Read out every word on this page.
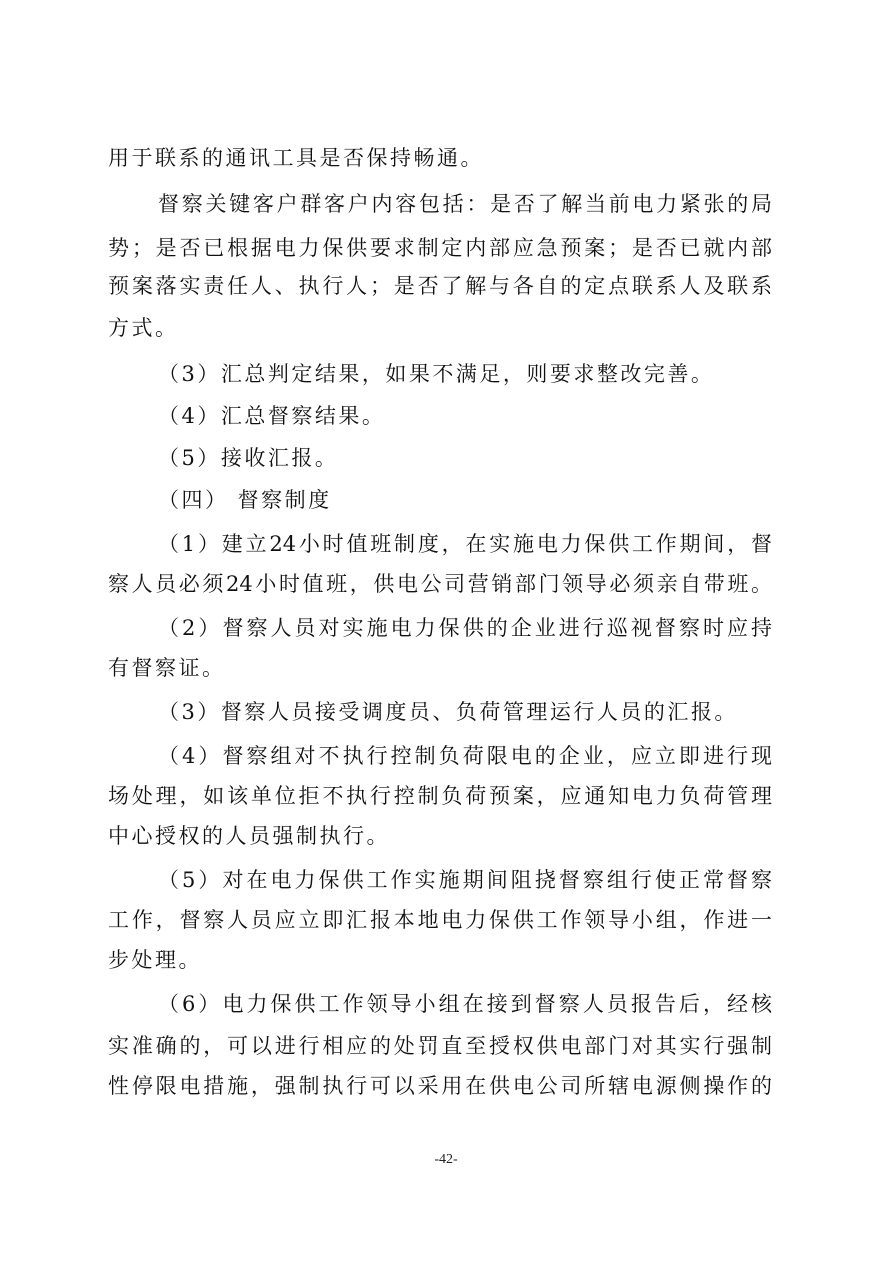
用于联系的通讯工具是否保持畅通。
督察关键客户群客户内容包括：是否了解当前电力紧张的局
势；是否已根据电力保供要求制定内部应急预案；是否已就内部
预案落实责任人、执行人；是否了解与各自的定点联系人及联系
方式。
（3）汇总判定结果，如果不满足，则要求整改完善。
（4）汇总督察结果。
（5）接收汇报。
（四） 督察制度
（1）建立24小时值班制度，在实施电力保供工作期间，督
察人员必须24小时值班，供电公司营销部门领导必须亲自带班。
（2）督察人员对实施电力保供的企业进行巡视督察时应持
有督察证。
（3）督察人员接受调度员、负荷管理运行人员的汇报。
（4）督察组对不执行控制负荷限电的企业，应立即进行现
场处理，如该单位拒不执行控制负荷预案，应通知电力负荷管理
中心授权的人员强制执行。
（5）对在电力保供工作实施期间阻挠督察组行使正常督察
工作，督察人员应立即汇报本地电力保供工作领导小组，作进一
步处理。
（6）电力保供工作领导小组在接到督察人员报告后，经核
实准确的，可以进行相应的处罚直至授权供电部门对其实行强制
性停限电措施，强制执行可以采用在供电公司所辖电源侧操作的
-42-
